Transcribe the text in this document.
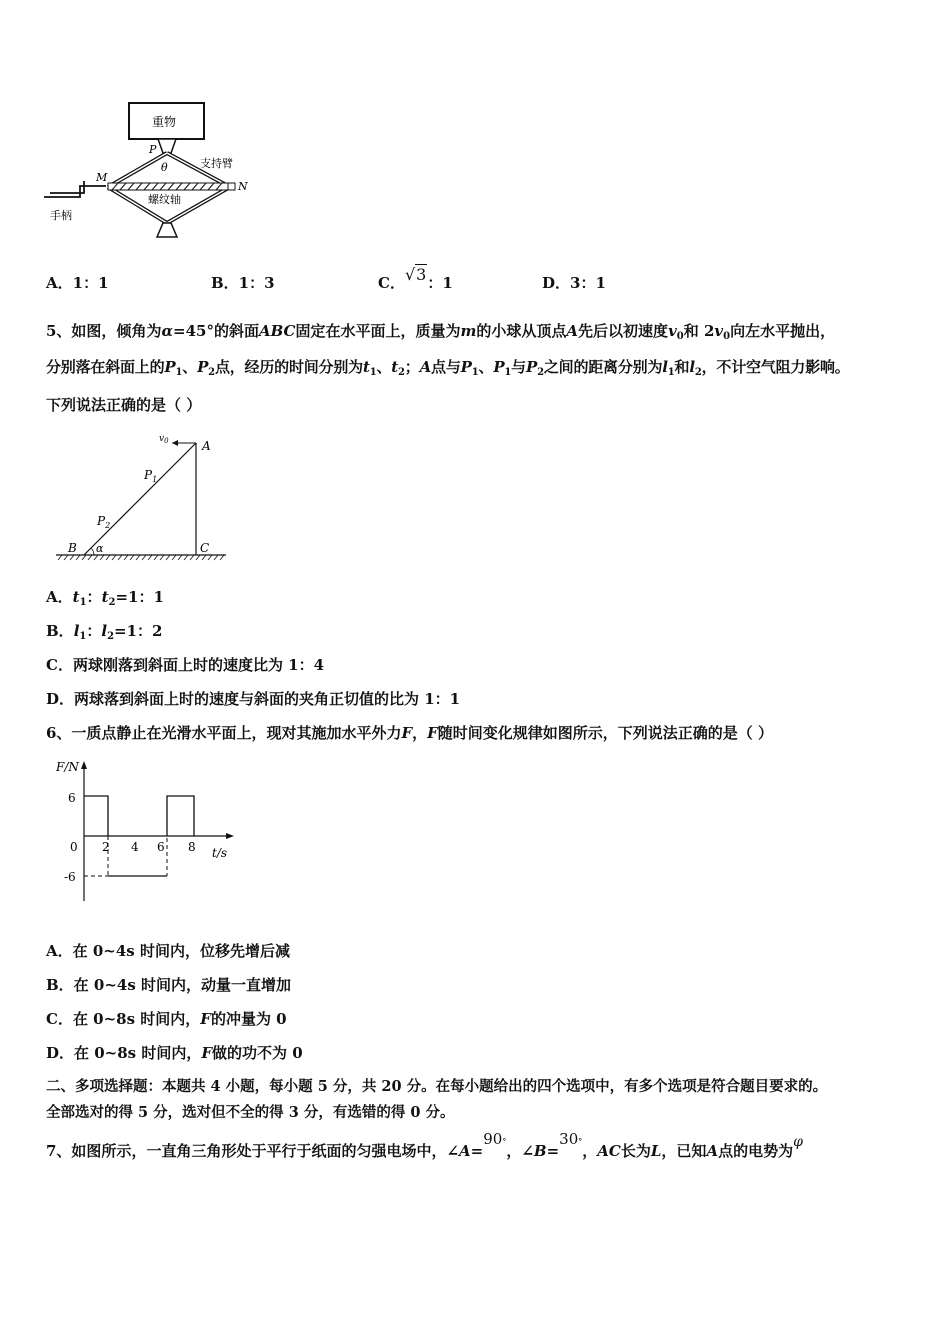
重物
P
支持臂
θ
M
N
螺纹轴
手柄
A．1：1	B．1：3	C．√3：1	D．3：1
5、如图，倾角为α=45°的斜面ABC固定在水平面上，质量为m的小球从顶点A先后以初速度$v_0$和 $2v_0$向左水平抛出，
分别落在斜面上的$P_1$、$P_2$点，经历的时间分别为$t_1$、$t_2$；A点与$P_1$、$P_1$与$P_2$之间的距离分别为$l_1$和$l_2$，不计空气阻力影响。
下列说法正确的是（ ）
$v_0$	A
$P_1$
$P_2$
B α	C
A．$t_1$：$t_2=1$：1
B．$l_1$：$l_2=1$：2
C．两球刚落到斜面上时的速度比为 1：4
D．两球落到斜面上时的速度与斜面的夹角正切值的比为 1：1
6、一质点静止在光滑水平面上，现对其施加水平外力F，F随时间变化规律如图所示，下列说法正确的是（ ）
F/N
t/s
6
-6
0 2 4 6 8
A．在 0~4s 时间内，位移先增后减
B．在 0~4s 时间内，动量一直增加
C．在 0~8s 时间内，F的冲量为 0
D．在 0~8s 时间内，F做的功不为 0
二、多项选择题：本题共 4 小题，每小题 5 分，共 20 分。在每小题给出的四个选项中，有多个选项是符合题目要求的。
全部选对的得 5 分，选对但不全的得 3 分，有选错的得 0 分。
7、如图所示，一直角三角形处于平行于纸面的匀强电场中，∠A=90°，∠B=30°，AC长为L，已知A点的电势为φ
